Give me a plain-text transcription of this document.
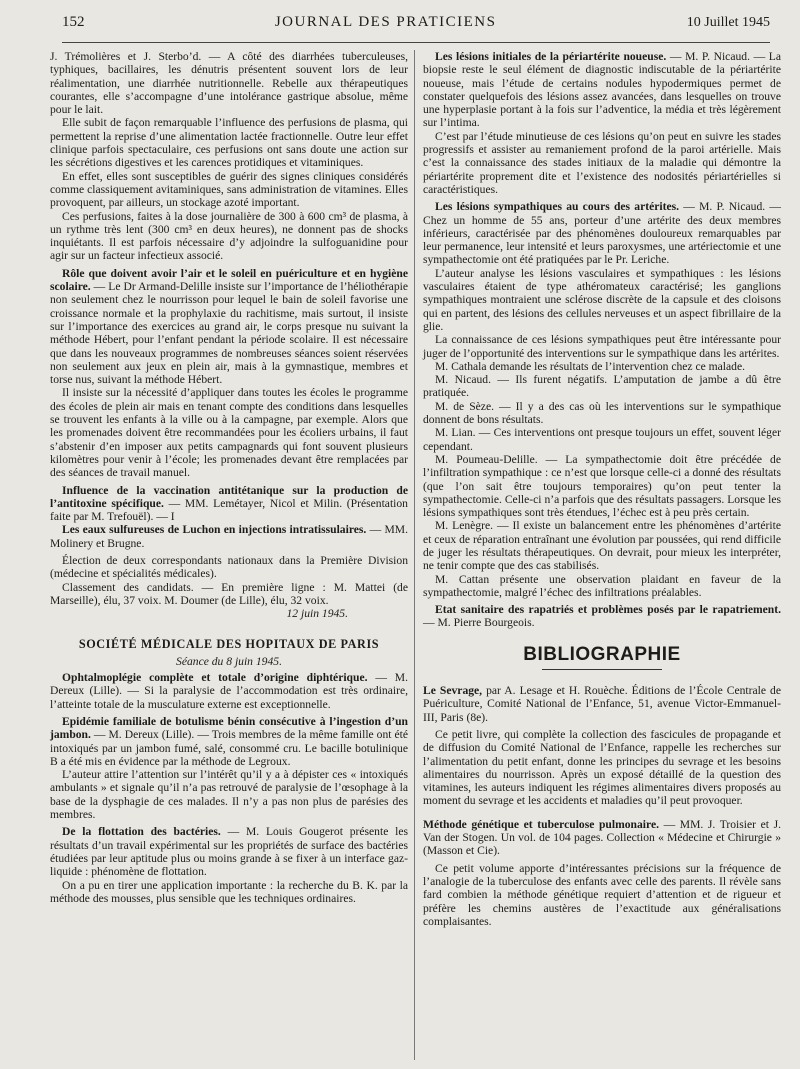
152	JOURNAL DES PRATICIENS	10 Juillet 1945

J. Trémolières et J. Sterbo’d. — A côté des diarrhées tuberculeuses, typhiques, bacillaires, les dénutris présentent souvent lors de leur réalimentation, une diarrhée nutritionnelle. Rebelle aux thérapeutiques courantes, elle s’accompagne d’une intolérance gastrique absolue, même pour le lait.

Elle subit de façon remarquable l’influence des perfusions de plasma, qui permettent la reprise d’une alimentation lactée fractionnelle. Outre leur effet clinique parfois spectaculaire, ces perfusions ont sans doute une action sur les sécrétions digestives et les carences protidiques et vitaminiques.

En effet, elles sont susceptibles de guérir des signes cliniques considérés comme classiquement avitaminiques, sans administration de vitamines. Elles provoquent, par ailleurs, un stockage azoté important.

Ces perfusions, faites à la dose journalière de 300 à 600 cm³ de plasma, à un rythme très lent (300 cm³ en deux heures), ne donnent pas de shocks inquiétants. Il est parfois nécessaire d’y adjoindre la sulfoguanidine pour agir sur un facteur infectieux associé.

Rôle que doivent avoir l’air et le soleil en puériculture et en hygiène scolaire. — Le Dr Armand-Delille insiste sur l’importance de l’héliothérapie non seulement chez le nourrisson pour lequel le bain de soleil favorise une croissance normale et la prophylaxie du rachitisme, mais surtout, il insiste sur l’importance des exercices au grand air, le corps presque nu suivant la méthode Hébert, pour l’enfant pendant la période scolaire. Il est nécessaire que dans les nouveaux programmes de nombreuses séances soient réservées non seulement aux jeux en plein air, mais à la gymnastique, membres et torse nus, suivant la méthode Hébert.

Il insiste sur la nécessité d’appliquer dans toutes les écoles le programme des écoles de plein air mais en tenant compte des conditions dans lesquelles se trouvent les enfants à la ville ou à la campagne, par exemple. Alors que les promenades doivent être recommandées pour les écoliers urbains, il faut s’abstenir d’en imposer aux petits campagnards qui font souvent plusieurs kilomètres pour venir à l’école; les promenades devant être remplacées par des séances de travail manuel.

Influence de la vaccination antitétanique sur la production de l’antitoxine spécifique. — MM. Lemétayer, Nicol et Milin. (Présentation faite par M. Trefouël). — I

Les eaux sulfureuses de Luchon en injections intratissulaires. — MM. Molinery et Brugne.

Élection de deux correspondants nationaux dans la Première Division (médecine et spécialités médicales).

Classement des candidats. — En première ligne : M. Mattei (de Marseille), élu, 37 voix. M. Doumer (de Lille), élu, 32 voix.

12 juin 1945.

SOCIÉTÉ MÉDICALE DES HOPITAUX DE PARIS

Séance du 8 juin 1945.

Ophtalmoplégie complète et totale d’origine diphtérique. — M. Dereux (Lille). — Si la paralysie de l’accommodation est très ordinaire, l’atteinte totale de la musculature externe est exceptionnelle.

Epidémie familiale de botulisme bénin consécutive à l’ingestion d’un jambon. — M. Dereux (Lille). — Trois membres de la même famille ont été intoxiqués par un jambon fumé, salé, consommé cru. Le bacille botulinique B a été mis en évidence par la méthode de Legroux.

L’auteur attire l’attention sur l’intérêt qu’il y a à dépister ces « intoxiqués ambulants » et signale qu’il n’a pas retrouvé de paralysie de l’œsophage à la base de la dysphagie de ces malades. Il n’y a pas non plus de parésies des membres.

De la flottation des bactéries. — M. Louis Gougerot présente les résultats d’un travail expérimental sur les propriétés de surface des bactéries étudiées par leur aptitude plus ou moins grande à se fixer à un interface gaz-liquide : phénomène de flottation.

On a pu en tirer une application importante : la recherche du B. K. par la méthode des mousses, plus sensible que les techniques ordinaires.

Les lésions initiales de la périartérite noueuse. — M. P. Nicaud. — La biopsie reste le seul élément de diagnostic indiscutable de la périartérite noueuse, mais l’étude de certains nodules hypodermiques permet de constater quelquefois des lésions assez avancées, dans lesquelles on trouve une hyperplasie portant à la fois sur l’adventice, la média et très légèrement sur l’intima.

C’est par l’étude minutieuse de ces lésions qu’on peut en suivre les stades progressifs et assister au remaniement profond de la paroi artérielle. Mais c’est la connaissance des stades initiaux de la maladie qui démontre la périartérite proprement dite et l’existence des nodosités périartérielles si caractéristiques.

Les lésions sympathiques au cours des artérites. — M. P. Nicaud. — Chez un homme de 55 ans, porteur d’une artérite des deux membres inférieurs, caractérisée par des phénomènes douloureux remarquables par leur permanence, leur intensité et leurs paroxysmes, une artériectomie et une sympathectomie ont été pratiquées par le Pr. Leriche.

L’auteur analyse les lésions vasculaires et sympathiques : les lésions vasculaires étaient de type athéromateux caractérisé; les ganglions sympathiques montraient une sclérose discrète de la capsule et des cloisons qui en partent, des lésions des cellules nerveuses et un aspect fibrillaire de la glie.

La connaissance de ces lésions sympathiques peut être intéressante pour juger de l’opportunité des interventions sur le sympathique dans les artérites.

M. Cathala demande les résultats de l’intervention chez ce malade.

M. Nicaud. — Ils furent négatifs. L’amputation de jambe a dû être pratiquée.

M. de Sèze. — Il y a des cas où les interventions sur le sympathique donnent de bons résultats.

M. Lian. — Ces interventions ont presque toujours un effet, souvent léger cependant.

M. Poumeau-Delille. — La sympathectomie doit être précédée de l’infiltration sympathique : ce n’est que lorsque celle-ci a donné des résultats (que l’on sait être toujours temporaires) qu’on peut tenter la sympathectomie. Celle-ci n’a parfois que des résultats passagers. Lorsque les lésions sympathiques sont très étendues, l’échec est à peu près certain.

M. Lenègre. — Il existe un balancement entre les phénomènes d’artérite et ceux de réparation entraînant une évolution par poussées, qui rend difficile de juger les résultats thérapeutiques. On devrait, pour mieux les interpréter, ne tenir compte que des cas stabilisés.

M. Cattan présente une observation plaidant en faveur de la sympathectomie, malgré l’échec des infiltrations préalables.

Etat sanitaire des rapatriés et problèmes posés par le rapatriement. — M. Pierre Bourgeois.

BIBLIOGRAPHIE

Le Sevrage, par A. Lesage et H. Rouèche. Éditions de l’École Centrale de Puériculture, Comité National de l’Enfance, 51, avenue Victor-Emmanuel-III, Paris (8e).

Ce petit livre, qui complète la collection des fascicules de propagande et de diffusion du Comité National de l’Enfance, rappelle les recherches sur l’alimentation du petit enfant, donne les principes du sevrage et les besoins alimentaires du nourrisson. Après un exposé détaillé de la question des vitamines, les auteurs indiquent les régimes alimentaires divers proposés au moment du sevrage et les accidents et maladies qu’il peut provoquer.

Méthode génétique et tuberculose pulmonaire. — MM. J. Troisier et J. Van der Stogen. Un vol. de 104 pages. Collection « Médecine et Chirurgie » (Masson et Cie).

Ce petit volume apporte d’intéressantes précisions sur la fréquence de l’analogie de la tuberculose des enfants avec celle des parents. Il révèle sans fard combien la méthode génétique requiert d’attention et de rigueur et préfère les chemins austères de l’exactitude aux généralisations complaisantes.
